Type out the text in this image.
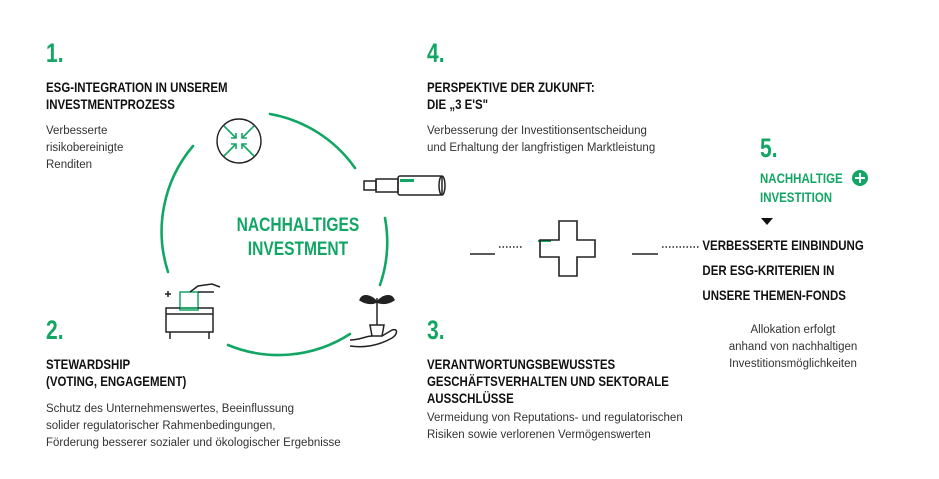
NACHHALTIGES
INVESTMENT
1.
ESG-INTEGRATION IN UNSEREM
INVESTMENTPROZESS
Verbesserte
risikobereinigte
Renditen
2.
STEWARDSHIP
(VOTING, ENGAGEMENT)
Schutz des Unternehmenswertes, Beeinflussung
solider regulatorischer Rahmenbedingungen,
Förderung besserer sozialer und ökologischer Ergebnisse
3.
VERANTWORTUNGSBEWUSSTES
GESCHÄFTSVERHALTEN UND SEKTORALE
AUSSCHLÜSSE
Vermeidung von Reputations- und regulatorischen
Risiken sowie verlorenen Vermögenswerten
4.
PERSPEKTIVE DER ZUKUNFT:
DIE „3 E'S"
Verbesserung der Investitionsentscheidung
und Erhaltung der langfristigen Marktleistung	5.
NACHHALTIGE
INVESTITION
VERBESSERTE EINBINDUNG
DER ESG-KRITERIEN IN
UNSERE THEMEN-FONDS
Allokation erfolgt
anhand von nachhaltigen
Investitionsmöglichkeiten
